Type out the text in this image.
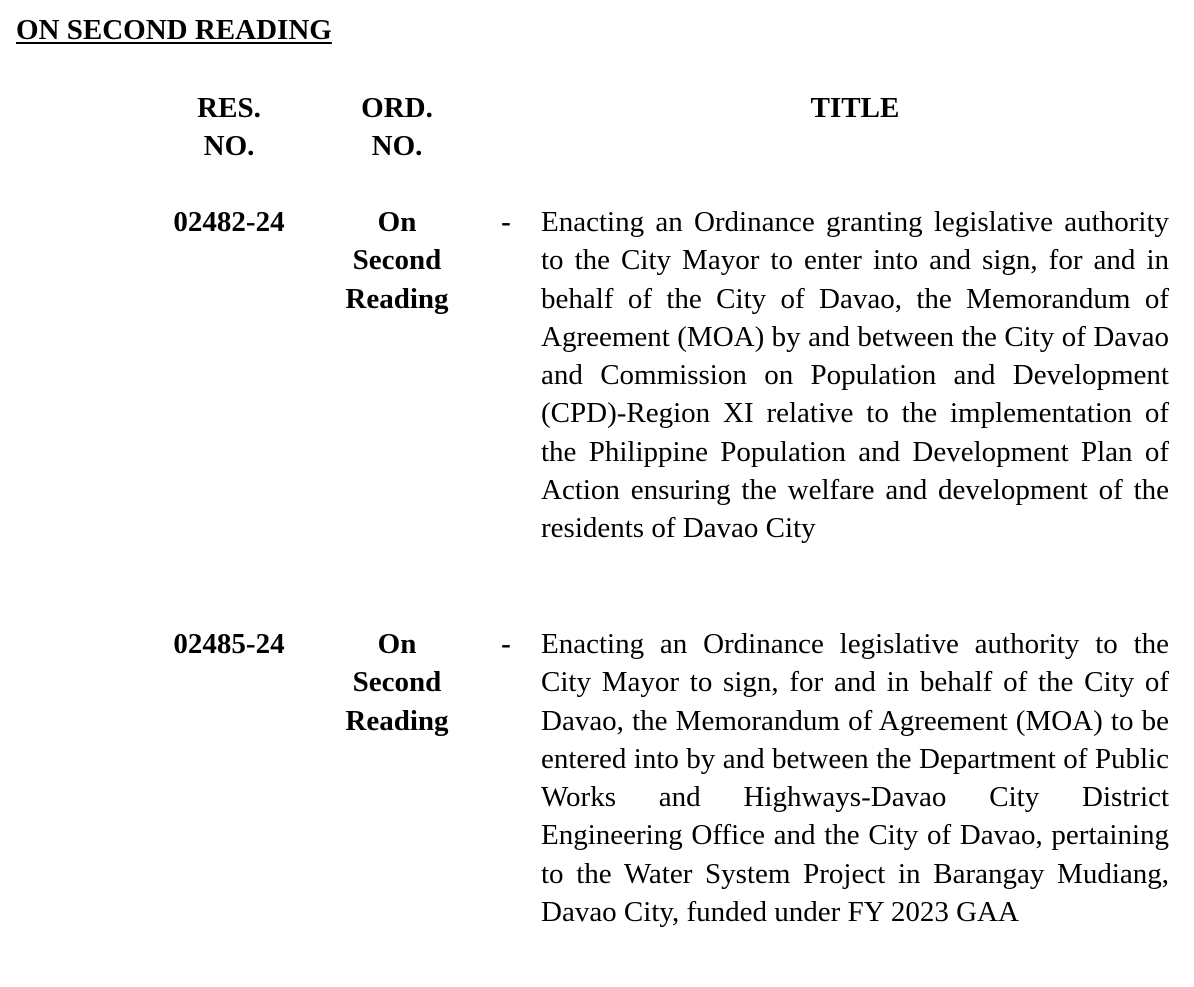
ON SECOND READING
RES.
NO.
ORD.
NO.
TITLE
02482-24	On
Second
Reading
- Enacting an Ordinance granting legislative authority to the City Mayor to enter into and sign, for and in behalf of the City of Davao, the Memorandum of Agreement (MOA) by and between the City of Davao and Commission on Population and Development (CPD)-Region XI relative to the implementation of the Philippine Population and Development Plan of Action ensuring the welfare and development of the residents of Davao City
02485-24	On
Second
Reading
- Enacting an Ordinance legislative authority to the City Mayor to sign, for and in behalf of the City of Davao, the Memorandum of Agreement (MOA) to be entered into by and between the Department of Public Works and Highways-Davao City District Engineering Office and the City of Davao, pertaining to the Water System Project in Barangay Mudiang, Davao City, funded under FY 2023 GAA
